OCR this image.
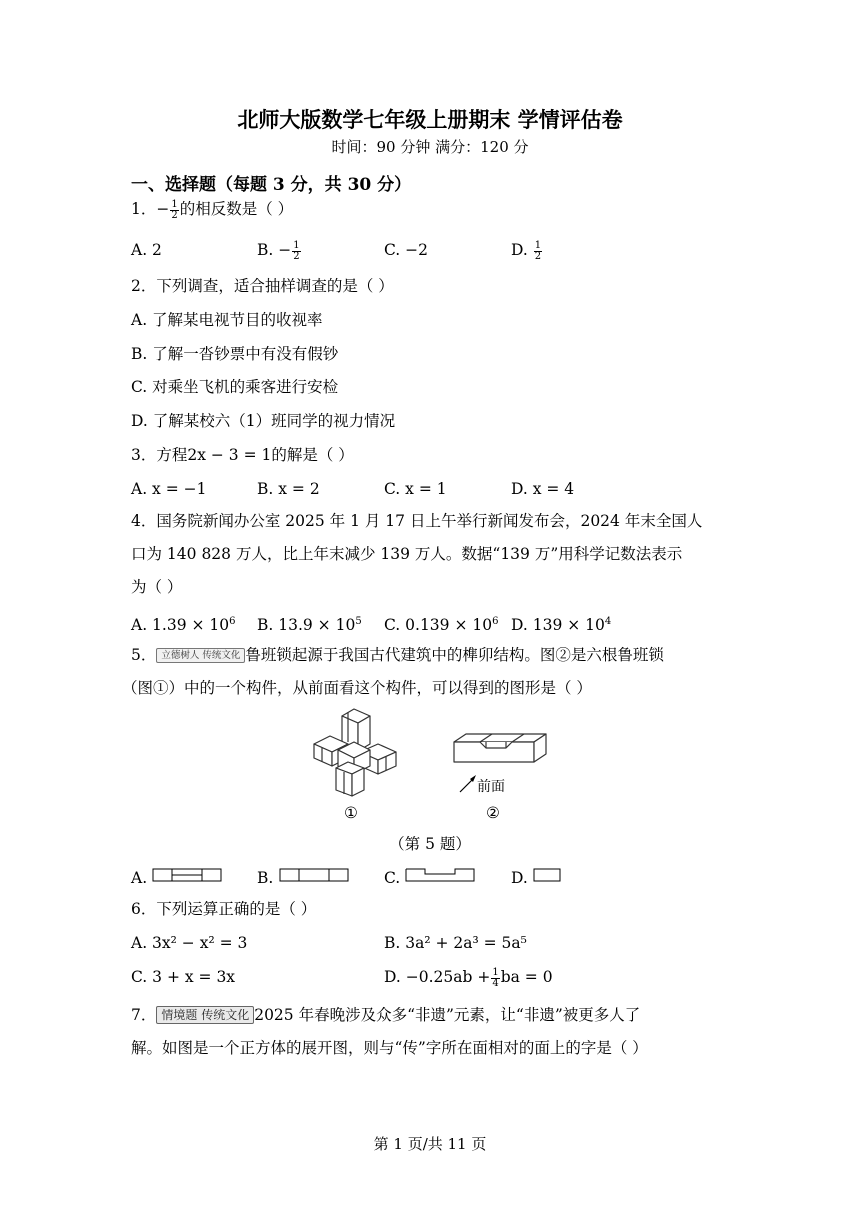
北师大版数学七年级上册期末 学情评估卷
时间：90 分钟 满分：120 分
一、选择题（每题 3 分，共 30 分）
1．− $\frac{1}{2}$ 的相反数是（ ）
A. 2	B. − $\frac{1}{2}$	C. −2	D. $\frac{1}{2}$
2．下列调查，适合抽样调查的是（ ）
A. 了解某电视节目的收视率
B. 了解一沓钞票中有没有假钞
C. 对乘坐飞机的乘客进行安检
D. 了解某校六（1）班同学的视力情况
3．方程2x − 3 = 1的解是（ ）
A. x = −1	B. x = 2	C. x = 1	D. x = 4
4．国务院新闻办公室 2025 年 1 月 17 日上午举行新闻发布会，2024 年末全国人
口为 140 828 万人，比上年末减少 139 万人。数据“139 万”用科学记数法表示
为（ ）
A. $1.39 \times 10^6$ B. $13.9 \times 10^5$ C. $0.139 \times 10^6$ D. $139 \times 10^4$
5． 立德树人 传统文化 鲁班锁起源于我国古代建筑中的榫卯结构。图②是六根鲁班锁
（图①）中的一个构件，从前面看这个构件，可以得到的图形是（ ）
①
前面
②
（第 5 题）
A.	B.	C.	D.
6．下列运算正确的是（ ）
A. 3x² − x² = 3	B. 3a² + 2a³ = 5a⁵
C. 3 + x = 3x	D. $-0.25ab + \frac{1}{4}$ ba = 0
7． 情境题 传统文化 2025 年春晚涉及众多“非遗”元素，让“非遗”被更多人了
解。如图是一个正方体的展开图，则与“传”字所在面相对的面上的字是（ ）
第 1 页/共 11 页
